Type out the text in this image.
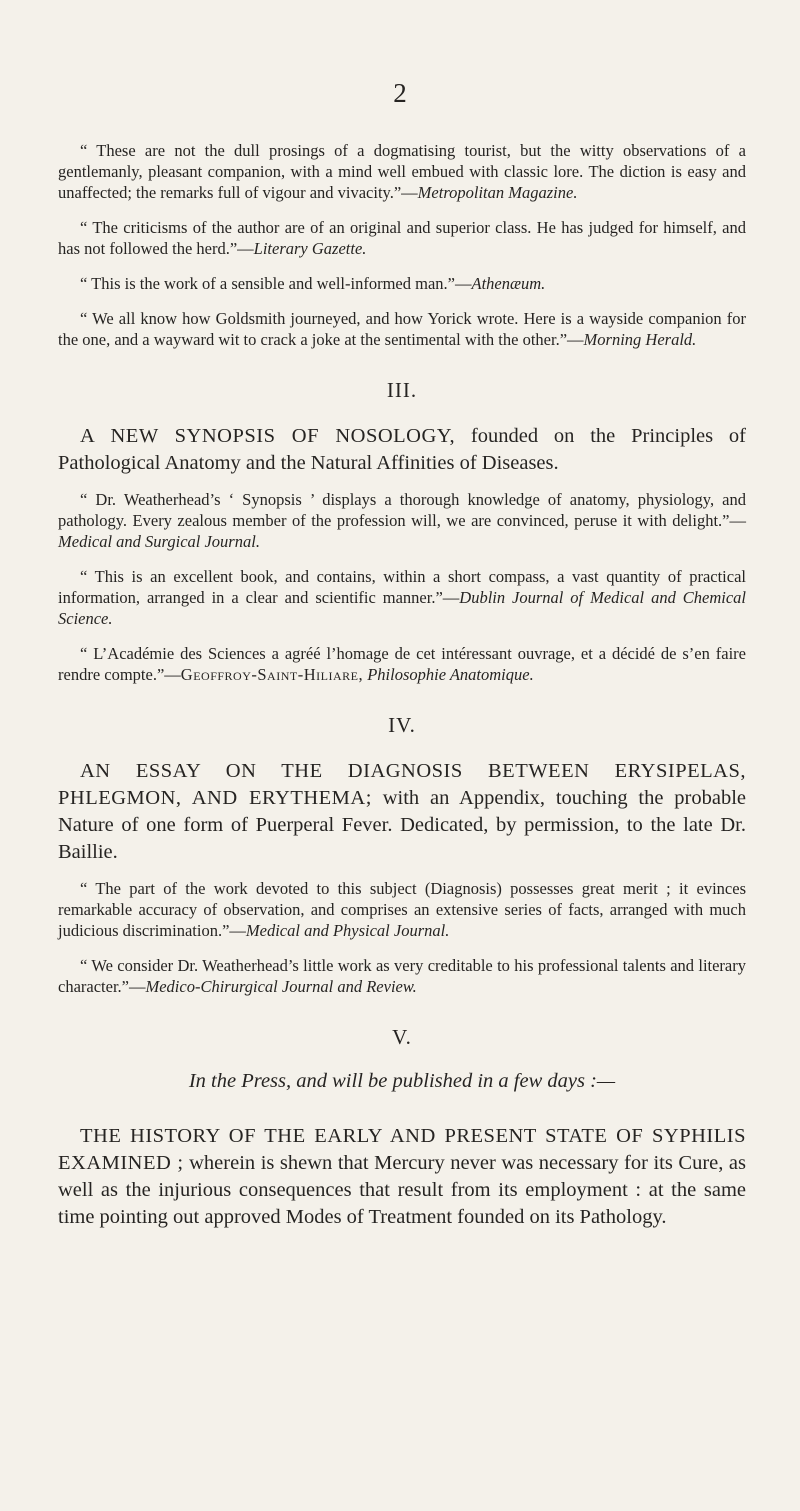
2

“ These are not the dull prosings of a dogmatising tourist, but the witty observations of a gentlemanly, pleasant companion, with a mind well embued with classic lore. The diction is easy and unaffected; the remarks full of vigour and vivacity.”—Metropolitan Magazine.

“ The criticisms of the author are of an original and superior class. He has judged for himself, and has not followed the herd.”—Literary Gazette.

“ This is the work of a sensible and well-informed man.”—Athenæum.

“ We all know how Goldsmith journeyed, and how Yorick wrote. Here is a wayside companion for the one, and a wayward wit to crack a joke at the sentimental with the other.”—Morning Herald.

III.

A NEW SYNOPSIS OF NOSOLOGY, founded on the Principles of Pathological Anatomy and the Natural Affinities of Diseases.

“ Dr. Weatherhead’s ‘ Synopsis ’ displays a thorough knowledge of anatomy, physiology, and pathology. Every zealous member of the profession will, we are convinced, peruse it with delight.”—Medical and Surgical Journal.

“ This is an excellent book, and contains, within a short compass, a vast quantity of practical information, arranged in a clear and scientific manner.”—Dublin Journal of Medical and Chemical Science.

“ L’Académie des Sciences a agréé l’homage de cet intéressant ouvrage, et a décidé de s’en faire rendre compte.”—Geoffroy-Saint-Hiliare, Philosophie Anatomique.

IV.

AN ESSAY ON THE DIAGNOSIS BETWEEN ERYSIPELAS, PHLEGMON, AND ERYTHEMA; with an Appendix, touching the probable Nature of one form of Puerperal Fever. Dedicated, by permission, to the late Dr. Baillie.

“ The part of the work devoted to this subject (Diagnosis) possesses great merit ; it evinces remarkable accuracy of observation, and comprises an extensive series of facts, arranged with much judicious discrimination.”—Medical and Physical Journal.

“ We consider Dr. Weatherhead’s little work as very creditable to his professional talents and literary character.”—Medico-Chirurgical Journal and Review.

V.
In the Press, and will be published in a few days :—

THE HISTORY OF THE EARLY AND PRESENT STATE OF SYPHILIS EXAMINED ; wherein is shewn that Mercury never was necessary for its Cure, as well as the injurious consequences that result from its employment : at the same time pointing out approved Modes of Treatment founded on its Pathology.
